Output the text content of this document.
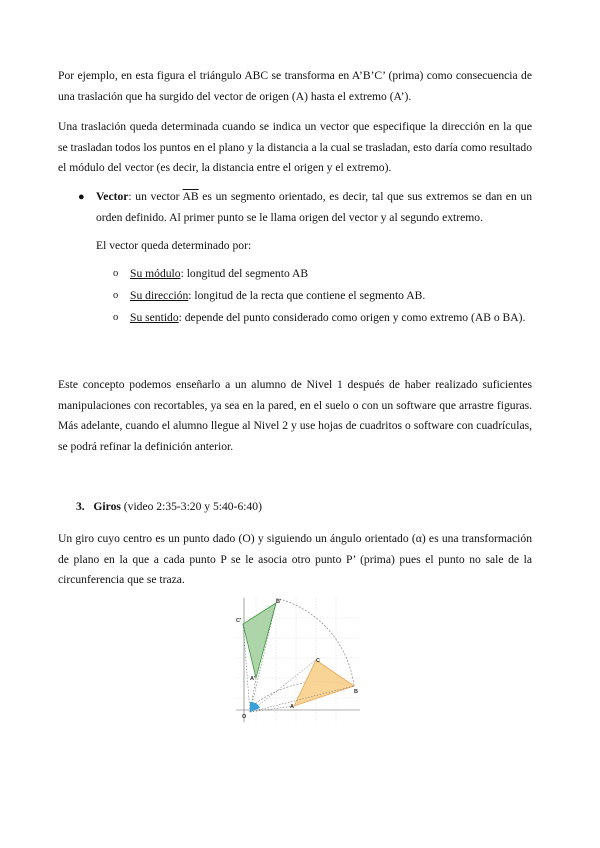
Por ejemplo, en esta figura el triángulo ABC se transforma en A’B’C’ (prima) como consecuencia de una traslación que ha surgido del vector de origen (A) hasta el extremo (A’).

Una traslación queda determinada cuando se indica un vector que especifique la dirección en la que se trasladan todos los puntos en el plano y la distancia a la cual se trasladan, esto daría como resultado el módulo del vector (es decir, la distancia entre el origen y el extremo).

● Vector: un vector $\overline{AB}$ es un segmento orientado, es decir, tal que sus extremos se dan en un orden definido. Al primer punto se le llama origen del vector y al segundo extremo.

El vector queda determinado por:

o Su módulo: longitud del segmento AB

o Su dirección: longitud de la recta que contiene el segmento AB.

o Su sentido: depende del punto considerado como origen y como extremo (AB o BA).

Este concepto podemos enseñarlo a un alumno de Nivel 1 después de haber realizado suficientes manipulaciones con recortables, ya sea en la pared, en el suelo o con un software que arrastre figuras. Más adelante, cuando el alumno llegue al Nivel 2 y use hojas de cuadritos o software con cuadrículas, se podrá refinar la definición anterior.

3. Giros (video 2:35-3:20 y 5:40-6:40)

Un giro cuyo centro es un punto dado (O) y siguiendo un ángulo orientado (α) es una transformación de plano en la que a cada punto P se le asocia otro punto P’ (prima) pues el punto no sale de la circunferencia que se traza.

B'
C'
A'
C
B
A
O
